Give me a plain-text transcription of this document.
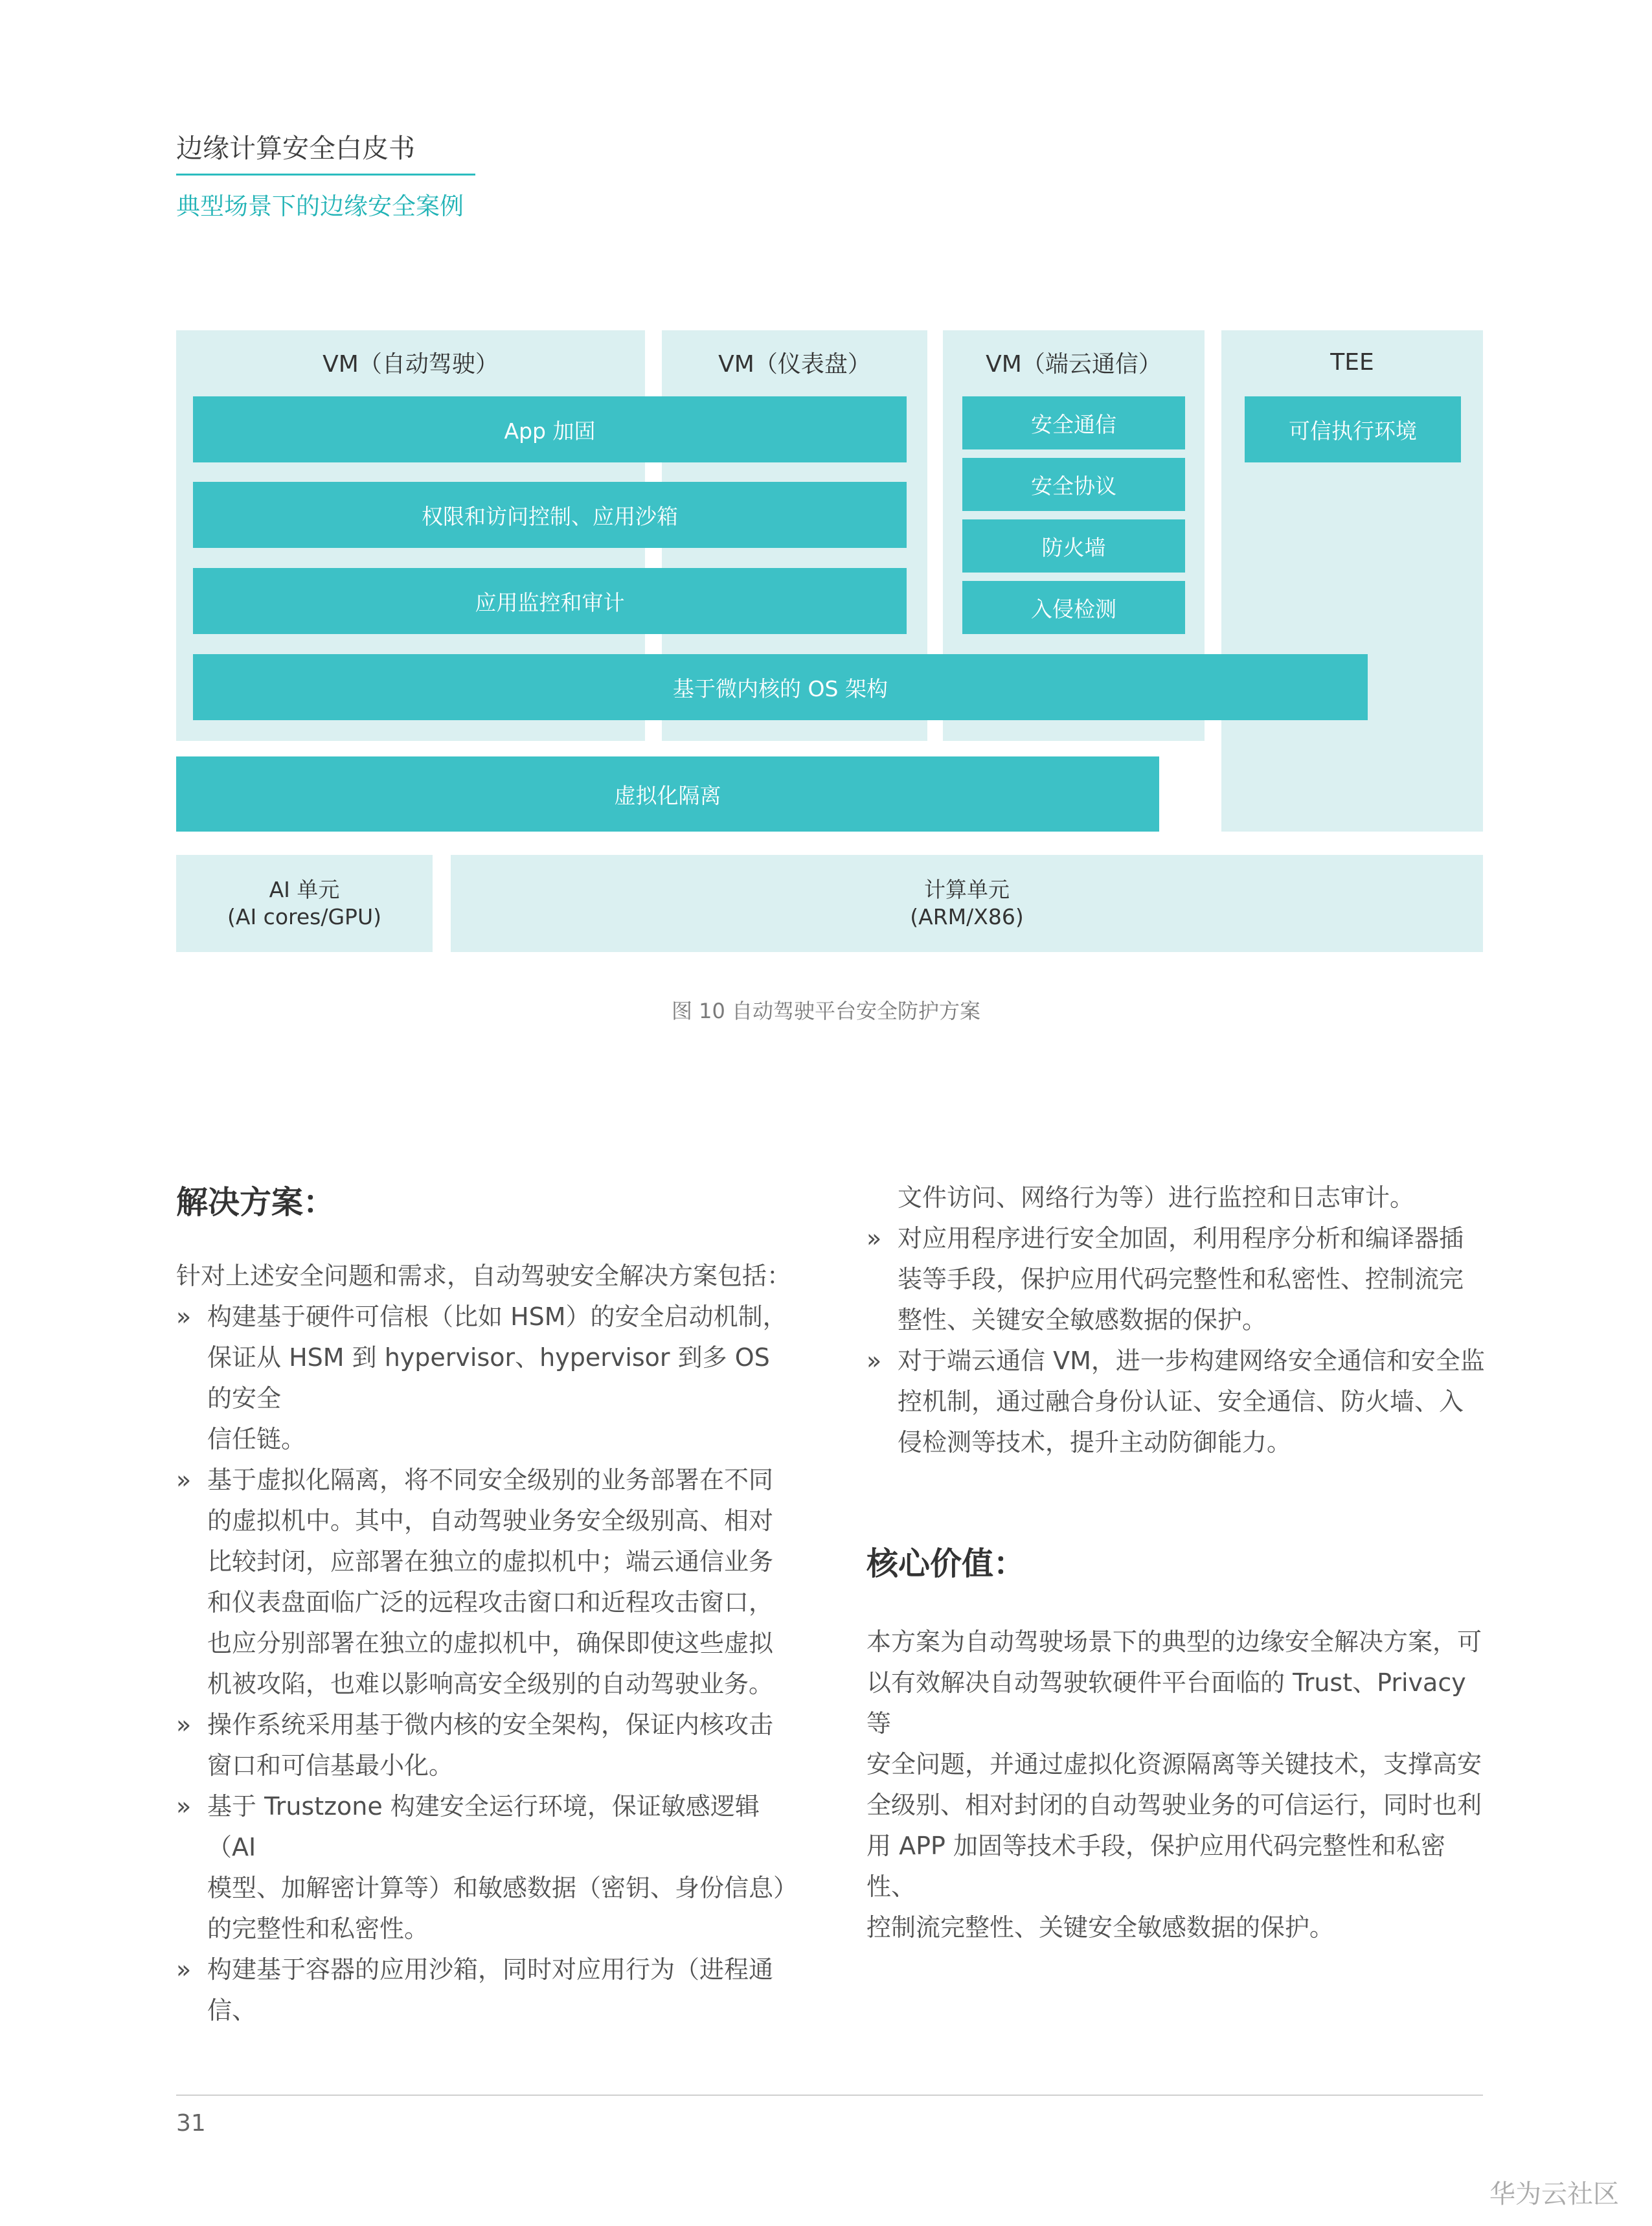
边缘计算安全白皮书
典型场景下的边缘安全案例
VM（自动驾驶）	VM（仪表盘）	VM（端云通信）	TEE
App 加固
权限和访问控制、应用沙箱
应用监控和审计
安全通信
安全协议
防火墙
入侵检测
可信执行环境
基于微内核的 OS 架构
虚拟化隔离
AI 单元
(AI cores/GPU)
计算单元
(ARM/X86)
图 10 自动驾驶平台安全防护方案
解决方案：

针对上述安全问题和需求，自动驾驶安全解决方案包括：

» 构建基于硬件可信根（比如 HSM）的安全启动机制，
保证从 HSM 到 hypervisor、hypervisor 到多 OS 的安全
信任链。
» 基于虚拟化隔离，将不同安全级别的业务部署在不同
的虚拟机中。其中，自动驾驶业务安全级别高、相对
比较封闭，应部署在独立的虚拟机中；端云通信业务
和仪表盘面临广泛的远程攻击窗口和近程攻击窗口，
也应分别部署在独立的虚拟机中，确保即使这些虚拟
机被攻陷，也难以影响高安全级别的自动驾驶业务。
» 操作系统采用基于微内核的安全架构，保证内核攻击
窗口和可信基最小化。
» 基于 Trustzone 构建安全运行环境，保证敏感逻辑（AI
模型、加解密计算等）和敏感数据（密钥、身份信息）
的完整性和私密性。
» 构建基于容器的应用沙箱，同时对应用行为（进程通信、
文件访问、网络行为等）进行监控和日志审计。
» 对应用程序进行安全加固，利用程序分析和编译器插
装等手段，保护应用代码完整性和私密性、控制流完
整性、关键安全敏感数据的保护。
» 对于端云通信 VM，进一步构建网络安全通信和安全监
控机制，通过融合身份认证、安全通信、防火墙、入
侵检测等技术，提升主动防御能力。
核心价值：
本方案为自动驾驶场景下的典型的边缘安全解决方案，可
以有效解决自动驾驶软硬件平台面临的 Trust、Privacy 等
安全问题，并通过虚拟化资源隔离等关键技术，支撑高安
全级别、相对封闭的自动驾驶业务的可信运行，同时也利
用 APP 加固等技术手段，保护应用代码完整性和私密性、
控制流完整性、关键安全敏感数据的保护。
31
华为云社区
